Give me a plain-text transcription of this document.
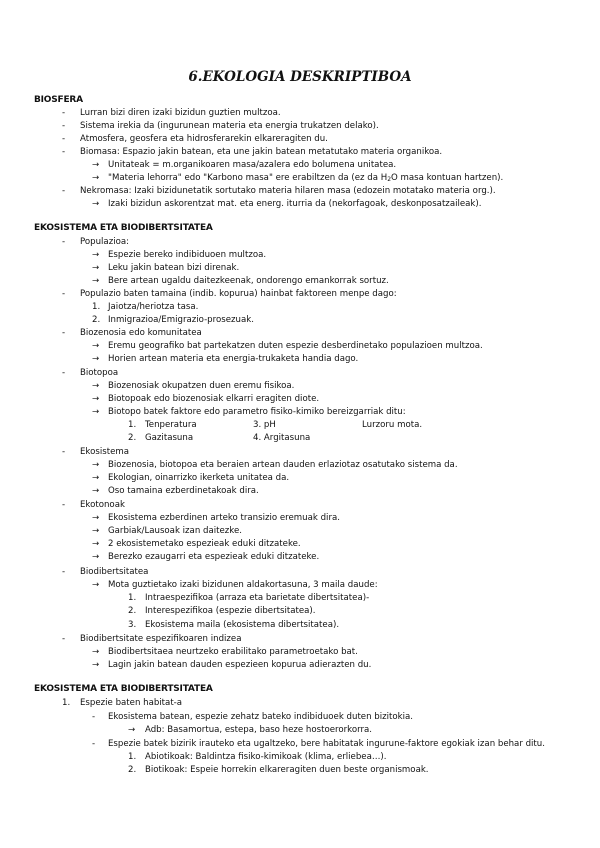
6.EKOLOGIA DESKRIPTIBOA
BIOSFERA
-	Lurran bizi diren izaki bizidun guztien multzoa.
-	Sistema irekia da (ingurunean materia eta energia trukatzen delako).
-	Atmosfera, geosfera eta hidrosferarekin elkareragiten du.
-	Biomasa: Espazio jakin batean, eta une jakin batean metatutako materia organikoa.
→	Unitateak = m.organikoaren masa/azalera edo bolumena unitatea.
→	"Materia lehorra" edo "Karbono masa" ere erabiltzen da (ez da $H_2O$ masa kontuan hartzen).
-	Nekromasa: Izaki bizidunetatik sortutako materia hilaren masa (edozein motatako materia org.).
→	Izaki bizidun askorentzat mat. eta energ. iturria da (nekorfagoak, deskonposatzaileak).
EKOSISTEMA ETA BIODIBERTSITATEA
-	Populazioa:
→	Espezie bereko indibiduoen multzoa.
→	Leku jakin batean bizi direnak.
→	Bere artean ugaldu daitezkeenak, ondorengo emankorrak sortuz.
-	Populazio baten tamaina (indib. kopurua) hainbat faktoreen menpe dago:
1. Jaiotza/heriotza tasa.
2. Inmigrazioa/Emigrazio-prosezuak.
-	Biozenosia edo komunitatea
→	Eremu geografiko bat partekatzen duten espezie desberdinetako populazioen multzoa.
→	Horien artean materia eta energia-trukaketa handia dago.
-	Biotopoa
→	Biozenosiak okupatzen duen eremu fisikoa.
→	Biotopoak edo biozenosiak elkarri eragiten diote.
→	Biotopo batek faktore edo parametro fisiko-kimiko bereizgarriak ditu:
1.	Tenperatura	3. pH	Lurzoru mota.
2.	Gazitasuna	4. Argitasuna
-	Ekosistema
→	Biozenosia, biotopoa eta beraien artean dauden erlaziotaz osatutako sistema da.
→	Ekologian, oinarrizko ikerketa unitatea da.
→	Oso tamaina ezberdinetakoak dira.
-	Ekotonoak
→	Ekosistema ezberdinen arteko transizio eremuak dira.
→	Garbiak/Lausoak izan daitezke.
→	2 ekosistemetako espezieak eduki ditzateke.
→	Berezko ezaugarri eta espezieak eduki ditzateke.
-	Biodibertsitatea
→	Mota guztietako izaki bizidunen aldakortasuna, 3 maila daude:
1.	Intraespezifikoa (arraza eta barietate dibertsitatea)-
2.	Interespezifikoa (espezie dibertsitatea).
3.	Ekosistema maila (ekosistema dibertsitatea).
-	Biodibertsitate espezifikoaren indizea
→	Biodibertsitaea neurtzeko erabilitako parametroetako bat.
→	Lagin jakin batean dauden espezieen kopurua adierazten du.
EKOSISTEMA ETA BIODIBERTSITATEA
1.	Espezie baten habitat-a
-	Ekosistema batean, espezie zehatz bateko indibiduoek duten bizitokia.
→	Adb: Basamortua, estepa, baso heze hostoerorkorra.
-	Espezie batek bizirik irauteko eta ugaltzeko, bere habitatak ingurune-faktore egokiak izan behar ditu.
1.	Abiotikoak: Baldintza fisiko-kimikoak (klima, erliebea…).
2.	Biotikoak: Espeie horrekin elkareragiten duen beste organismoak.
